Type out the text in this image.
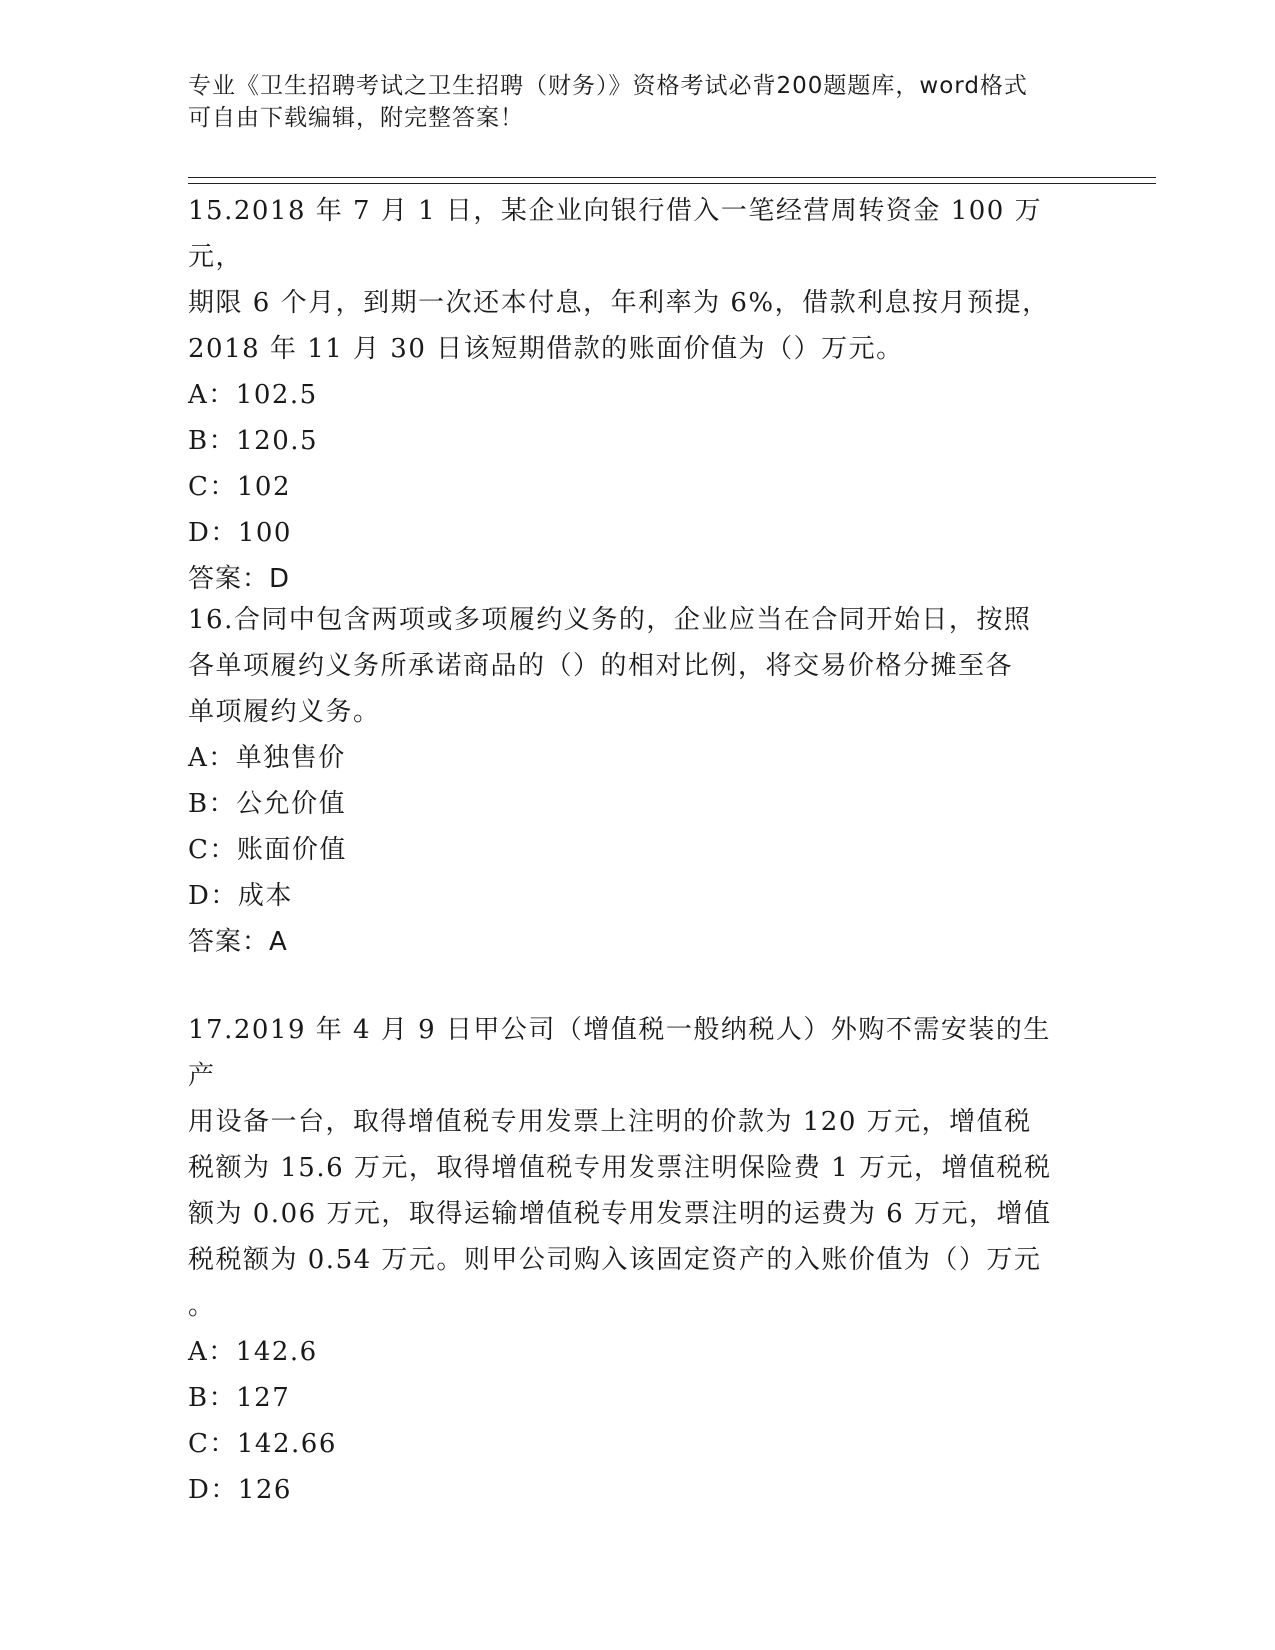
专业《卫生招聘考试之卫生招聘（财务）》资格考试必背200题题库，word格式
可自由下载编辑，附完整答案！

15.2018 年 7 月 1 日，某企业向银行借入一笔经营周转资金 100 万元，

期限 6 个月，到期一次还本付息，年利率为 6%，借款利息按月预提，

2018 年 11 月 30 日该短期借款的账面价值为（）万元。

A：102.5

B：120.5

C：102

D：100

答案：D

16.合同中包含两项或多项履约义务的，企业应当在合同开始日，按照

各单项履约义务所承诺商品的（）的相对比例，将交易价格分摊至各

单项履约义务。

A：单独售价

B：公允价值

C：账面价值

D：成本

答案：A

17.2019 年 4 月 9 日甲公司（增值税一般纳税人）外购不需安装的生产

用设备一台，取得增值税专用发票上注明的价款为 120 万元，增值税

税额为 15.6 万元，取得增值税专用发票注明保险费 1 万元，增值税税

额为 0.06 万元，取得运输增值税专用发票注明的运费为 6 万元，增值

税税额为 0.54 万元。则甲公司购入该固定资产的入账价值为（）万元

。

A：142.6

B：127

C：142.66

D：126
